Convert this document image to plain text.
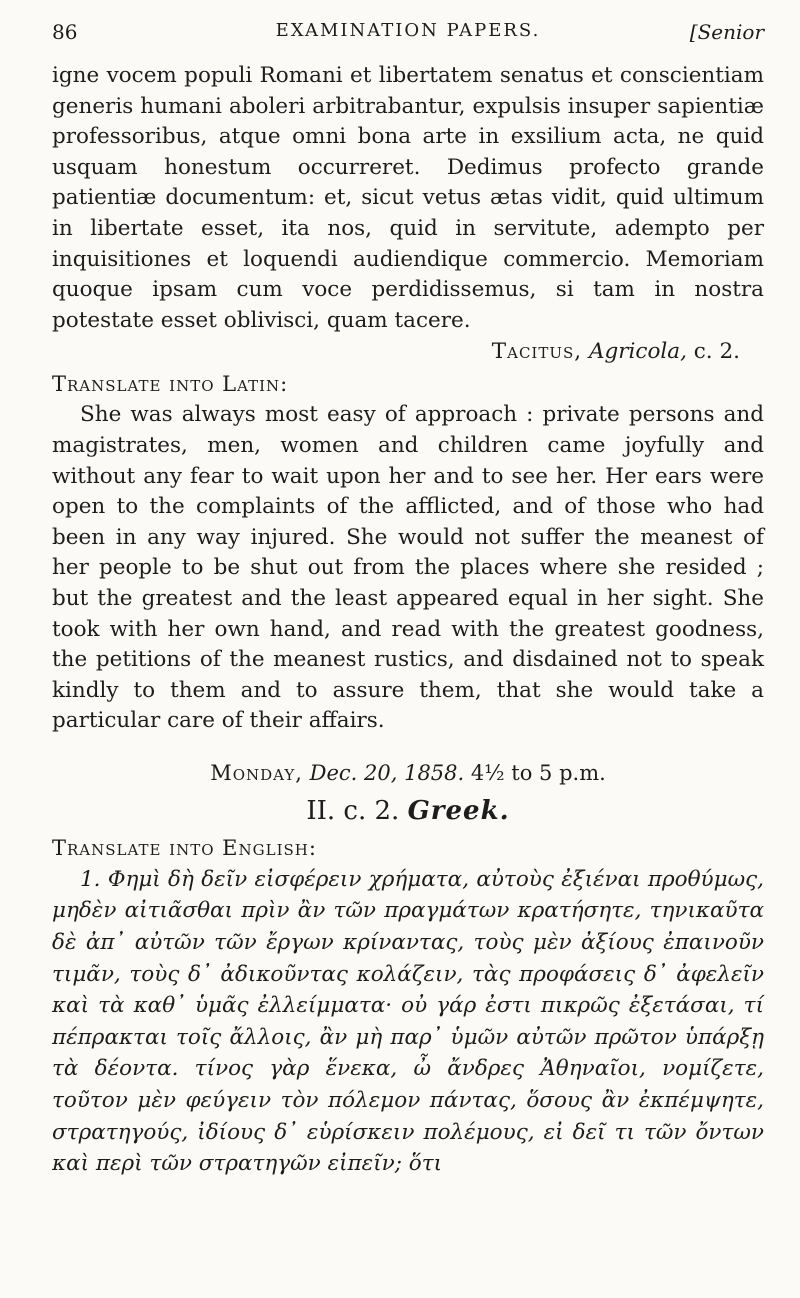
86	EXAMINATION PAPERS.	[Senior

igne vocem populi Romani et libertatem senatus et conscientiam generis humani aboleri arbitrabantur, expulsis insuper sapientiæ professoribus, atque omni bona arte in exsilium acta, ne quid usquam honestum occurreret. Dedimus profecto grande patientiæ documentum: et, sicut vetus ætas vidit, quid ultimum in libertate esset, ita nos, quid in servitute, adempto per inquisitiones et loquendi audiendique commercio. Memoriam quoque ipsam cum voce perdidissemus, si tam in nostra potestate esset oblivisci, quam tacere.

Tacitus, Agricola, c. 2.
Translate into Latin:

She was always most easy of approach : private persons and magistrates, men, women and children came joyfully and without any fear to wait upon her and to see her. Her ears were open to the complaints of the afflicted, and of those who had been in any way injured. She would not suffer the meanest of her people to be shut out from the places where she resided ; but the greatest and the least appeared equal in her sight. She took with her own hand, and read with the greatest goodness, the petitions of the meanest rustics, and disdained not to speak kindly to them and to assure them, that she would take a particular care of their affairs.

Monday, Dec. 20, 1858. 4½ to 5 p.m.
II. c. 2. Greek.
Translate into English:

1. Φημὶ δὴ δεῖν εἰσφέρειν χρήματα, αὐτοὺς ἐξιέναι προθύμως, μηδὲν αἰτιᾶσθαι πρὶν ἂν τῶν πραγμάτων κρατήσητε, τηνικαῦτα δὲ ἀπ᾿ αὐτῶν τῶν ἔργων κρίναντας, τοὺς μὲν ἀξίους ἐπαινοῦν τιμᾶν, τοὺς δ᾿ ἀδικοῦντας κολάζειν, τὰς προφάσεις δ᾿ ἀφελεῖν καὶ τὰ καθ᾿ ὑμᾶς ἐλλείμματα· οὐ γάρ ἐστι πικρῶς ἐξετάσαι, τί πέπρακται τοῖς ἄλλοις, ἂν μὴ παρ᾿ ὑμῶν αὐτῶν πρῶτον ὑπάρξῃ τὰ δέοντα. τίνος γὰρ ἕνεκα, ὦ ἄνδρες Ἀθηναῖοι, νομίζετε, τοῦτον μὲν φεύγειν τὸν πόλεμον πάντας, ὅσους ἂν ἐκπέμψητε, στρατηγούς, ἰδίους δ᾿ εὑρίσκειν πολέμους, εἰ δεῖ τι τῶν ὄντων καὶ περὶ τῶν στρατηγῶν εἰπεῖν; ὅτι
